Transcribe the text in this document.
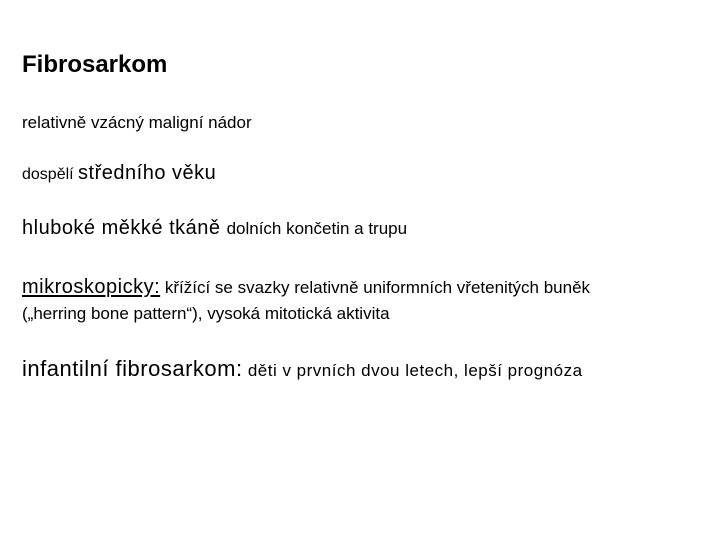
Fibrosarkom
relativně vzácný maligní nádor
dospělí středního věku
hluboké měkké tkáně dolních končetin a trupu
mikroskopicky: křížící se svazky relativně uniformních vřetenitých buněk
(„herring bone pattern“), vysoká mitotická aktivita
infantilní fibrosarkom: děti v prvních dvou letech, lepší prognóza
